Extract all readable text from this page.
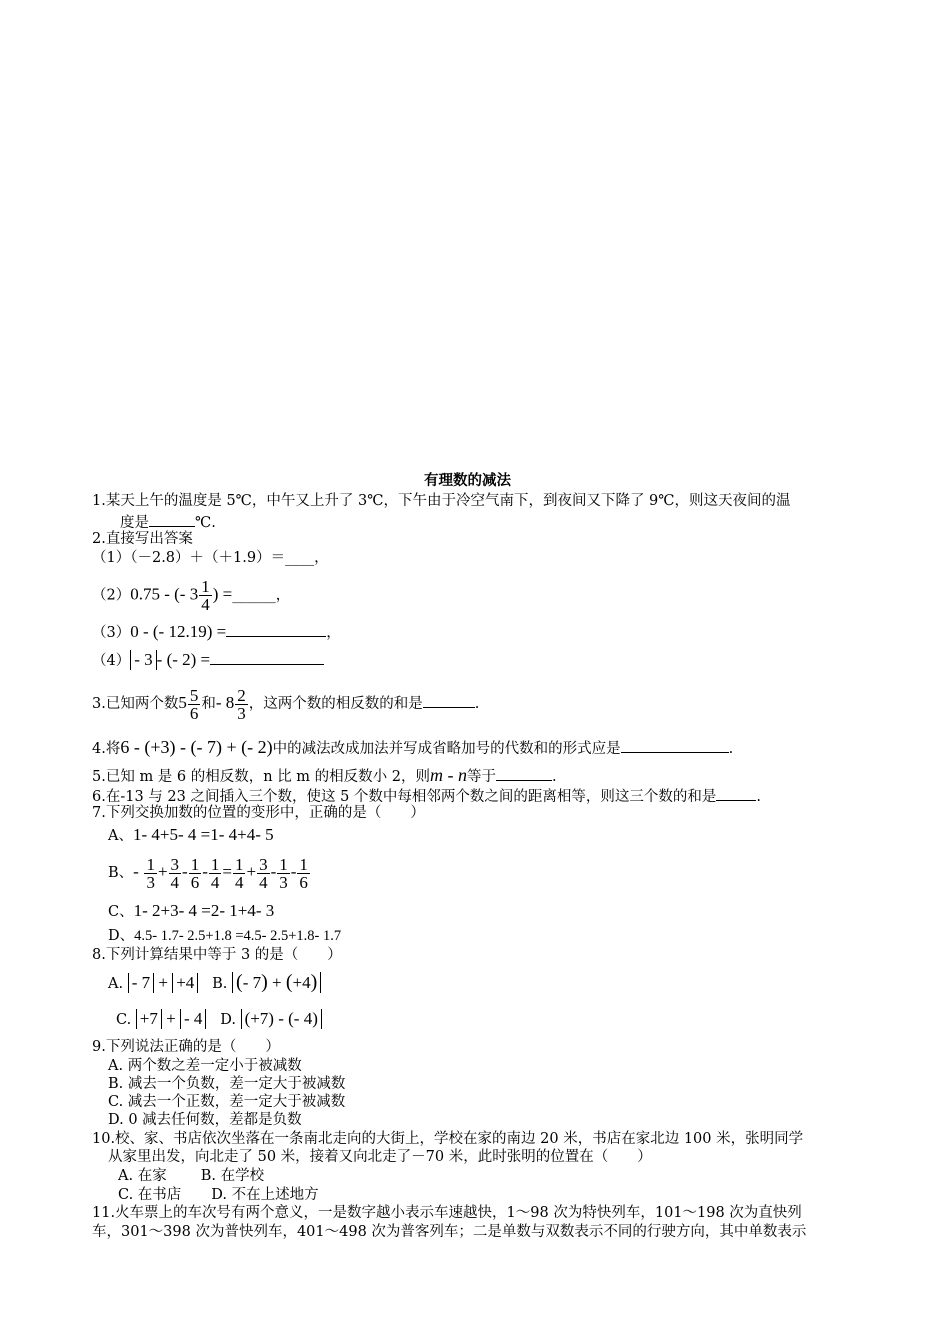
有理数的减法
1.某天上午的温度是 5℃，中午又上升了 3℃，下午由于冷空气南下，到夜间又下降了 9℃，则这天夜间的温
度是	℃.
2.直接写出答案
（1）（－2.8）＋（＋1.9）＝____，
（2）0.75 - (- $3 \frac{1}{4}$ ) =______，
（3）0 - (- 12.19) =	，
（4） - 3 - (- 2) =
3.已知两个数$5 \frac{5}{6}$ 和- $8 \frac{2}{3}$ ，这两个数的相反数的和是	.
4.将6 - (+3) - (- 7) + (- 2)中的减法改成加法并写成省略加号的代数和的形式应是	.
5.已知 m 是 6 的相反数，n 比 m 的相反数小 2，则m - n等于	.
6.在-13 与 23 之间插入三个数，使这 5 个数中每相邻两个数之间的距离相等，则这三个数的和是	.
7.下列交换加数的位置的变形中，正确的是（　　）
A、1- 4+5- 4 =1- 4+4- 5
B、- $\frac{1}{3} + \frac{3}{4} - \frac{1}{6} - \frac{1}{4} = \frac{1}{4} + \frac{3}{4} - \frac{1}{3} - \frac{1}{6}$
C、1- 2+3- 4 =2- 1+4- 3
D、4.5- 1.7- 2.5+1.8 =4.5- 2.5+1.8- 1.7
8.下列计算结果中等于 3 的是（　　）
A. - 7 + +4 B. (- 7) + (+4)
C. +7 + - 4 D. (+7) - (- 4)
9.下列说法正确的是（　　）
A. 两个数之差一定小于被减数
B. 减去一个负数，差一定大于被减数
C. 减去一个正数，差一定大于被减数
D. 0 减去任何数，差都是负数
10.校、家、书店依次坐落在一条南北走向的大街上，学校在家的南边 20 米，书店在家北边 100 米，张明同学
从家里出发，向北走了 50 米，接着又向北走了－70 米，此时张明的位置在（　　）
A. 在家 B. 在学校
C. 在书店 D. 不在上述地方
11.火车票上的车次号有两个意义，一是数字越小表示车速越快，1～98 次为特快列车，101～198 次为直快列
车，301～398 次为普快列车，401～498 次为普客列车；二是单数与双数表示不同的行驶方向，其中单数表示
